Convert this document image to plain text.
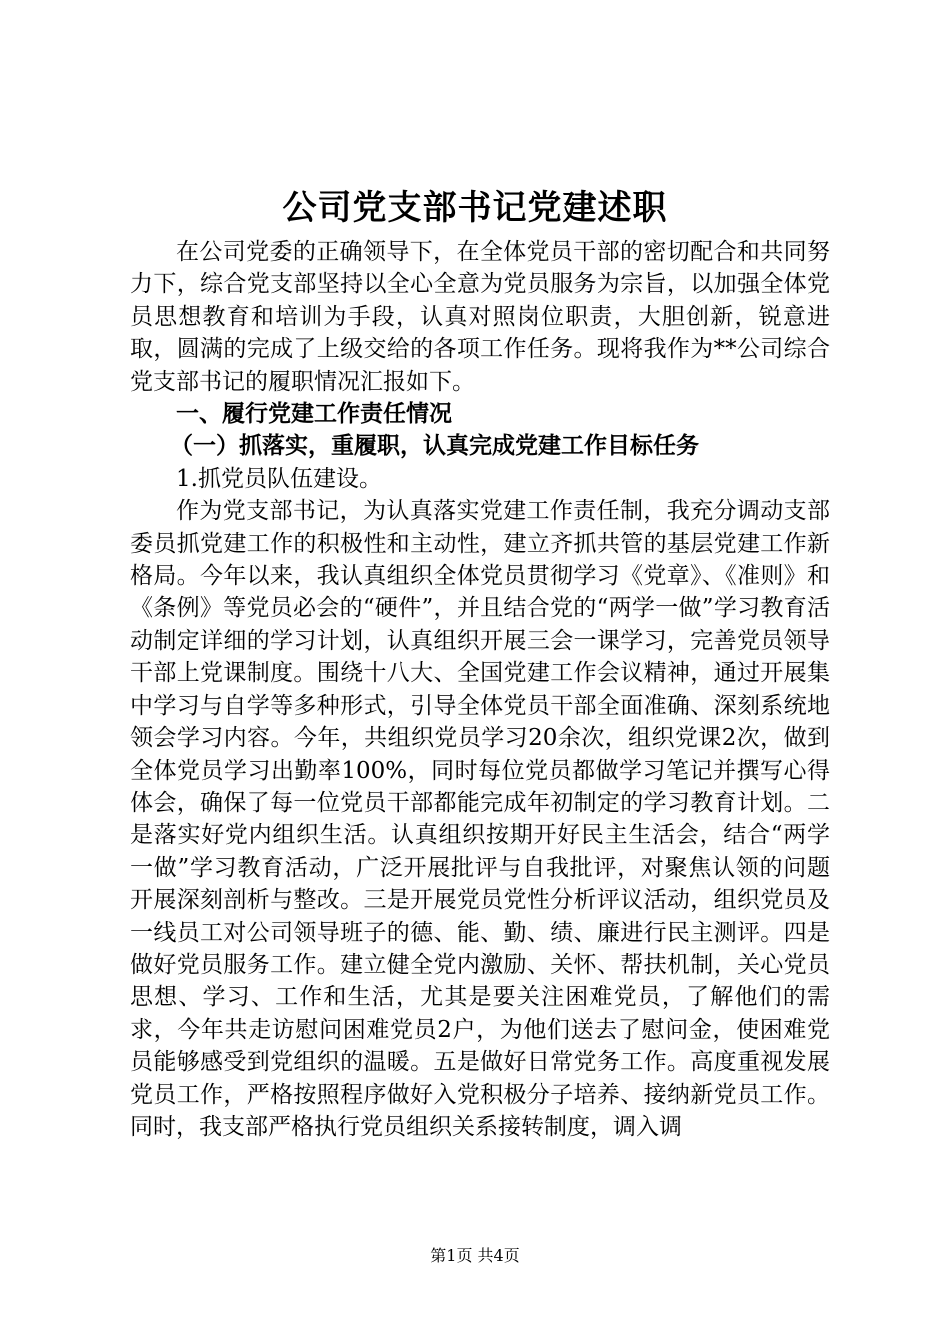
公司党支部书记党建述职

在公司党委的正确领导下，在全体党员干部的密切配合和共同努力下，综合党支部坚持以全心全意为党员服务为宗旨，以加强全体党员思想教育和培训为手段，认真对照岗位职责，大胆创新，锐意进取，圆满的完成了上级交给的各项工作任务。现将我作为**公司综合党支部书记的履职情况汇报如下。

一、履行党建工作责任情况

（一）抓落实，重履职，认真完成党建工作目标任务

1.抓党员队伍建设。

作为党支部书记，为认真落实党建工作责任制，我充分调动支部委员抓党建工作的积极性和主动性，建立齐抓共管的基层党建工作新格局。今年以来，我认真组织全体党员贯彻学习《党章》、《准则》和《条例》等党员必会的“硬件”，并且结合党的“两学一做”学习教育活动制定详细的学习计划，认真组织开展三会一课学习，完善党员领导干部上党课制度。围绕十八大、全国党建工作会议精神，通过开展集中学习与自学等多种形式，引导全体党员干部全面准确、深刻系统地领会学习内容。今年，共组织党员学习20余次，组织党课2次，做到全体党员学习出勤率100%，同时每位党员都做学习笔记并撰写心得体会，确保了每一位党员干部都能完成年初制定的学习教育计划。二是落实好党内组织生活。认真组织按期开好民主生活会，结合“两学一做”学习教育活动，广泛开展批评与自我批评，对聚焦认领的问题开展深刻剖析与整改。三是开展党员党性分析评议活动，组织党员及一线员工对公司领导班子的德、能、勤、绩、廉进行民主测评。四是做好党员服务工作。建立健全党内激励、关怀、帮扶机制，关心党员思想、学习、工作和生活，尤其是要关注困难党员，了解他们的需求，今年共走访慰问困难党员2户，为他们送去了慰问金，使困难党员能够感受到党组织的温暖。五是做好日常党务工作。高度重视发展党员工作，严格按照程序做好入党积极分子培养、接纳新党员工作。同时，我支部严格执行党员组织关系接转制度，调入调

第1页 共4页
